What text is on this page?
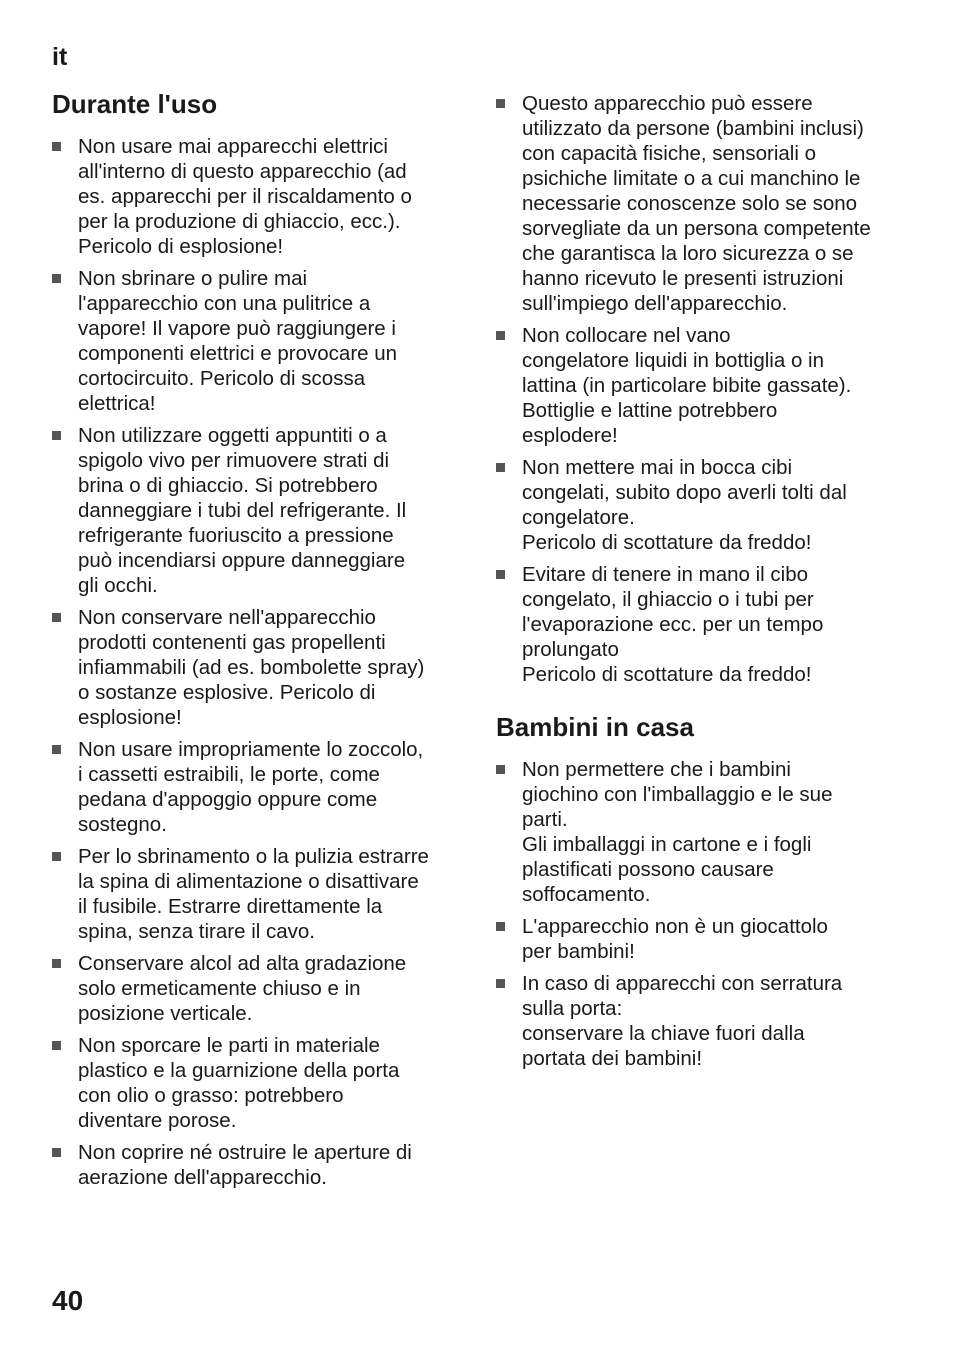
it
Durante l'uso
Non usare mai apparecchi elettrici
all'interno di questo apparecchio (ad
es. apparecchi per il riscaldamento o
per la produzione di ghiaccio, ecc.).
Pericolo di esplosione!
Non sbrinare o pulire mai
l'apparecchio con una pulitrice a
vapore! Il vapore può raggiungere i
componenti elettrici e provocare un
cortocircuito. Pericolo di scossa
elettrica!
Non utilizzare oggetti appuntiti o a
spigolo vivo per rimuovere strati di
brina o di ghiaccio. Si potrebbero
danneggiare i tubi del refrigerante. Il
refrigerante fuoriuscito a pressione
può incendiarsi oppure danneggiare
gli occhi.
Non conservare nell'apparecchio
prodotti contenenti gas propellenti
infiammabili (ad es. bombolette spray)
o sostanze esplosive. Pericolo di
esplosione!
Non usare impropriamente lo zoccolo,
i cassetti estraibili, le porte, come
pedana d'appoggio oppure come
sostegno.
Per lo sbrinamento o la pulizia estrarre
la spina di alimentazione o disattivare
il fusibile. Estrarre direttamente la
spina, senza tirare il cavo.
Conservare alcol ad alta gradazione
solo ermeticamente chiuso e in
posizione verticale.
Non sporcare le parti in materiale
plastico e la guarnizione della porta
con olio o grasso: potrebbero
diventare porose.
Non coprire né ostruire le aperture di
aerazione dell'apparecchio.
Questo apparecchio può essere
utilizzato da persone (bambini inclusi)
con capacità fisiche, sensoriali o
psichiche limitate o a cui manchino le
necessarie conoscenze solo se sono
sorvegliate da un persona competente
che garantisca la loro sicurezza o se
hanno ricevuto le presenti istruzioni
sull'impiego dell'apparecchio.
Non collocare nel vano
congelatore liquidi in bottiglia o in
lattina (in particolare bibite gassate).
Bottiglie e lattine potrebbero
esplodere!
Non mettere mai in bocca cibi
congelati, subito dopo averli tolti dal
congelatore.
Pericolo di scottature da freddo!
Evitare di tenere in mano il cibo
congelato, il ghiaccio o i tubi per
l'evaporazione ecc. per un tempo
prolungato
Pericolo di scottature da freddo!
Bambini in casa
Non permettere che i bambini
giochino con l'imballaggio e le sue
parti.
Gli imballaggi in cartone e i fogli
plastificati possono causare
soffocamento.
L'apparecchio non è un giocattolo
per bambini!
In caso di apparecchi con serratura
sulla porta:
conservare la chiave fuori dalla
portata dei bambini!
40
